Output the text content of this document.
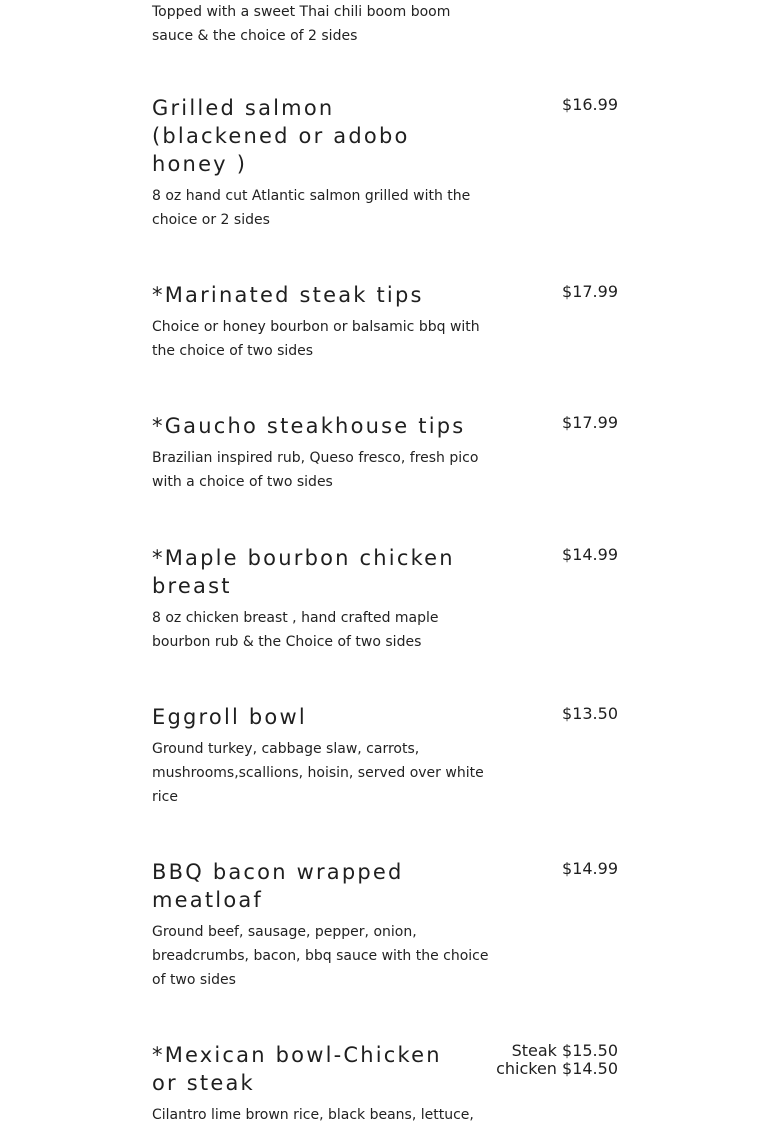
Topped with a sweet Thai chili boom boom sauce & the choice of 2 sides

Grilled salmon (blackened or adobo honey )

8 oz hand cut Atlantic salmon grilled with the choice or 2 sides

$16.99
*Marinated steak tips

Choice or honey bourbon or balsamic bbq with the choice of two sides

$17.99
*Gaucho steakhouse tips

Brazilian inspired rub, Queso fresco, fresh pico with a choice of two sides

$17.99
*Maple bourbon chicken breast

8 oz chicken breast , hand crafted maple bourbon rub & the Choice of two sides

$14.99
Eggroll bowl

Ground turkey, cabbage slaw, carrots, mushrooms,scallions, hoisin, served over white rice

$13.50
BBQ bacon wrapped meatloaf

Ground beef, sausage, pepper, onion, breadcrumbs, bacon, bbq sauce with the choice of two sides

$14.99
*Mexican bowl-Chicken or steak

Cilantro lime brown rice, black beans, lettuce,

Steak $15.50
chicken $14.50
